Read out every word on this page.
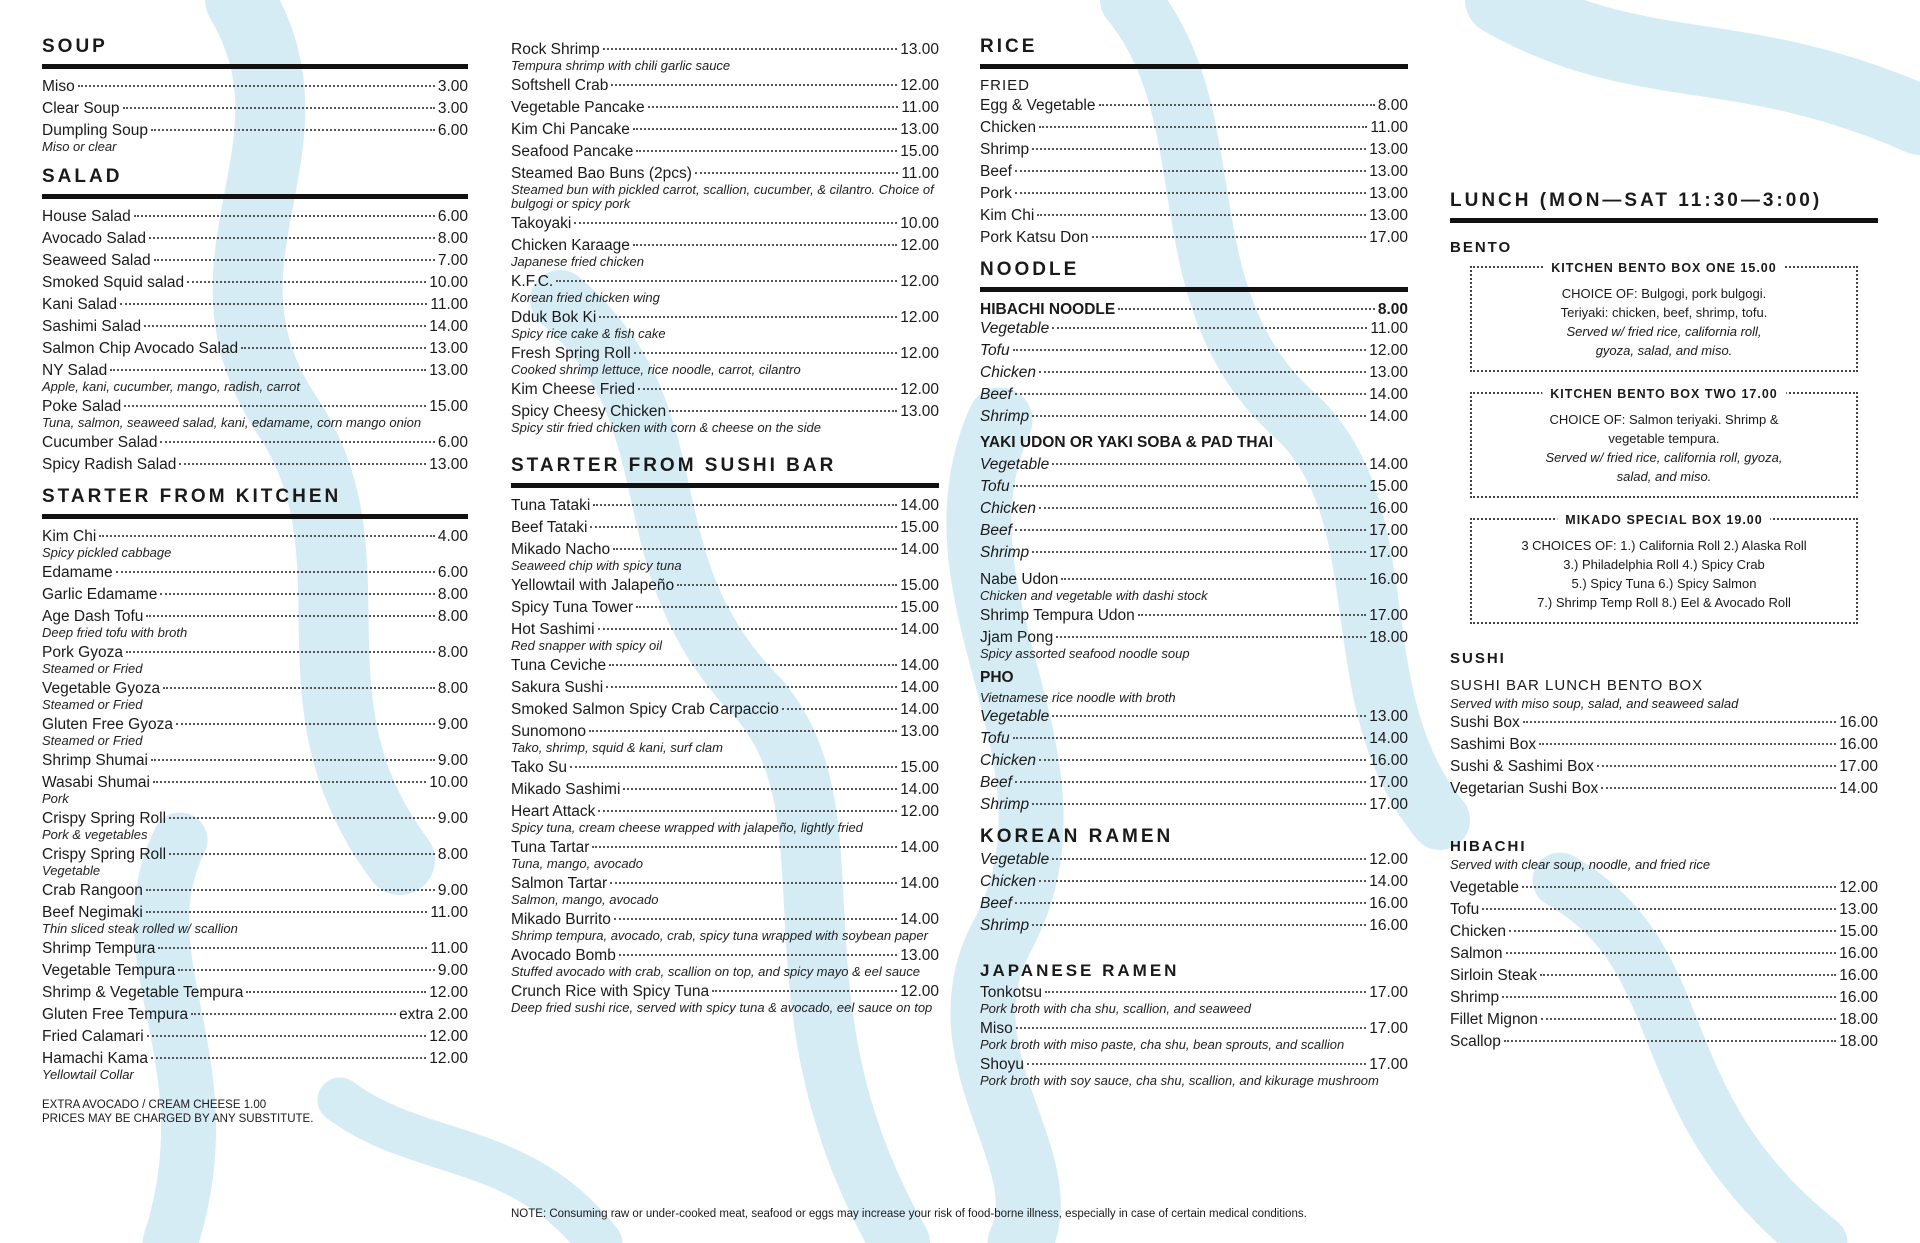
SOUP
Miso	3.00
Clear Soup	3.00
Dumpling Soup	6.00
Miso or clear
SALAD
House Salad	6.00
Avocado Salad	8.00
Seaweed Salad	7.00
Smoked Squid salad	10.00
Kani Salad	11.00
Sashimi Salad	14.00
Salmon Chip Avocado Salad	13.00
NY Salad	13.00
Apple, kani, cucumber, mango, radish, carrot
Poke Salad	15.00
Tuna, salmon, seaweed salad, kani, edamame, corn mango onion
Cucumber Salad	6.00
Spicy Radish Salad	13.00
STARTER FROM KITCHEN
Kim Chi	4.00
Spicy pickled cabbage
Edamame	6.00
Garlic Edamame	8.00
Age Dash Tofu	8.00
Deep fried tofu with broth
Pork Gyoza	8.00
Steamed or Fried
Vegetable Gyoza	8.00
Steamed or Fried
Gluten Free Gyoza	9.00
Steamed or Fried
Shrimp Shumai	9.00
Wasabi Shumai	10.00
Pork
Crispy Spring Roll	9.00
Pork & vegetables
Crispy Spring Roll	8.00
Vegetable
Crab Rangoon	9.00
Beef Negimaki	11.00
Thin sliced steak rolled w/ scallion
Shrimp Tempura	11.00
Vegetable Tempura	9.00
Shrimp & Vegetable Tempura	12.00
Gluten Free Tempura	extra 2.00
Fried Calamari	12.00
Hamachi Kama	12.00
Yellowtail Collar
EXTRA AVOCADO / CREAM CHEESE 1.00
PRICES MAY BE CHARGED BY ANY SUBSTITUTE.
Rock Shrimp	13.00
Tempura shrimp with chili garlic sauce
Softshell Crab	12.00
Vegetable Pancake	11.00
Kim Chi Pancake	13.00
Seafood Pancake	15.00
Steamed Bao Buns (2pcs)	11.00
Steamed bun with pickled carrot, scallion, cucumber, & cilantro. Choice of bulgogi or spicy pork
Takoyaki	10.00
Chicken Karaage	12.00
Japanese fried chicken
K.F.C.	12.00
Korean fried chicken wing
Dduk Bok Ki	12.00
Spicy rice cake & fish cake
Fresh Spring Roll	12.00
Cooked shrimp lettuce, rice noodle, carrot, cilantro
Kim Cheese Fried	12.00
Spicy Cheesy Chicken	13.00
Spicy stir fried chicken with corn & cheese on the side
STARTER FROM SUSHI BAR
Tuna Tataki	14.00
Beef Tataki	15.00
Mikado Nacho	14.00
Seaweed chip with spicy tuna
Yellowtail with Jalapeño	15.00
Spicy Tuna Tower	15.00
Hot Sashimi	14.00
Red snapper with spicy oil
Tuna Ceviche	14.00
Sakura Sushi	14.00
Smoked Salmon Spicy Crab Carpaccio	14.00
Sunomono	13.00
Tako, shrimp, squid & kani, surf clam
Tako Su	15.00
Mikado Sashimi	14.00
Heart Attack	12.00
Spicy tuna, cream cheese wrapped with jalapeño, lightly fried
Tuna Tartar	14.00
Tuna, mango, avocado
Salmon Tartar	14.00
Salmon, mango, avocado
Mikado Burrito	14.00
Shrimp tempura, avocado, crab, spicy tuna wrapped with soybean paper
Avocado Bomb	13.00
Stuffed avocado with crab, scallion on top, and spicy mayo & eel sauce
Crunch Rice with Spicy Tuna	12.00
Deep fried sushi rice, served with spicy tuna & avocado, eel sauce on top
RICE
FRIED
Egg & Vegetable	8.00
Chicken	11.00
Shrimp	13.00
Beef	13.00
Pork	13.00
Kim Chi	13.00
Pork Katsu Don	17.00
NOODLE
HIBACHI NOODLE	8.00
Vegetable	11.00
Tofu	12.00
Chicken	13.00
Beef	14.00
Shrimp	14.00
YAKI UDON OR YAKI SOBA & PAD THAI
Vegetable	14.00
Tofu	15.00
Chicken	16.00
Beef	17.00
Shrimp	17.00
Nabe Udon	16.00
Chicken and vegetable with dashi stock
Shrimp Tempura Udon	17.00
Jjam Pong	18.00
Spicy assorted seafood noodle soup
PHO
Vietnamese rice noodle with broth
Vegetable	13.00
Tofu	14.00
Chicken	16.00
Beef	17.00
Shrimp	17.00
KOREAN RAMEN
Vegetable	12.00
Chicken	14.00
Beef	16.00
Shrimp	16.00
JAPANESE RAMEN
Tonkotsu	17.00
Pork broth with cha shu, scallion, and seaweed
Miso	17.00
Pork broth with miso paste, cha shu, bean sprouts, and scallion
Shoyu	17.00
Pork broth with soy sauce, cha shu, scallion, and kikurage mushroom
LUNCH (MON—SAT 11:30—3:00)
BENTO
KITCHEN BENTO BOX ONE 15.00
CHOICE OF: Bulgogi, pork bulgogi.
Teriyaki: chicken, beef, shrimp, tofu.
Served w/ fried rice, california roll,
gyoza, salad, and miso.
KITCHEN BENTO BOX TWO 17.00
CHOICE OF: Salmon teriyaki. Shrimp &
vegetable tempura.
Served w/ fried rice, california roll, gyoza,
salad, and miso.
MIKADO SPECIAL BOX 19.00
3 CHOICES OF: 1.) California Roll 2.) Alaska Roll
3.) Philadelphia Roll 4.) Spicy Crab
5.) Spicy Tuna 6.) Spicy Salmon
7.) Shrimp Temp Roll 8.) Eel & Avocado Roll
SUSHI
SUSHI BAR LUNCH BENTO BOX
Served with miso soup, salad, and seaweed salad
Sushi Box	16.00
Sashimi Box	16.00
Sushi & Sashimi Box	17.00
Vegetarian Sushi Box	14.00
HIBACHI
Served with clear soup, noodle, and fried rice
Vegetable	12.00
Tofu	13.00
Chicken	15.00
Salmon	16.00
Sirloin Steak	16.00
Shrimp	16.00
Fillet Mignon	18.00
Scallop	18.00
NOTE: Consuming raw or under-cooked meat, seafood or eggs may increase your risk of food-borne illness, especially in case of certain medical conditions.
